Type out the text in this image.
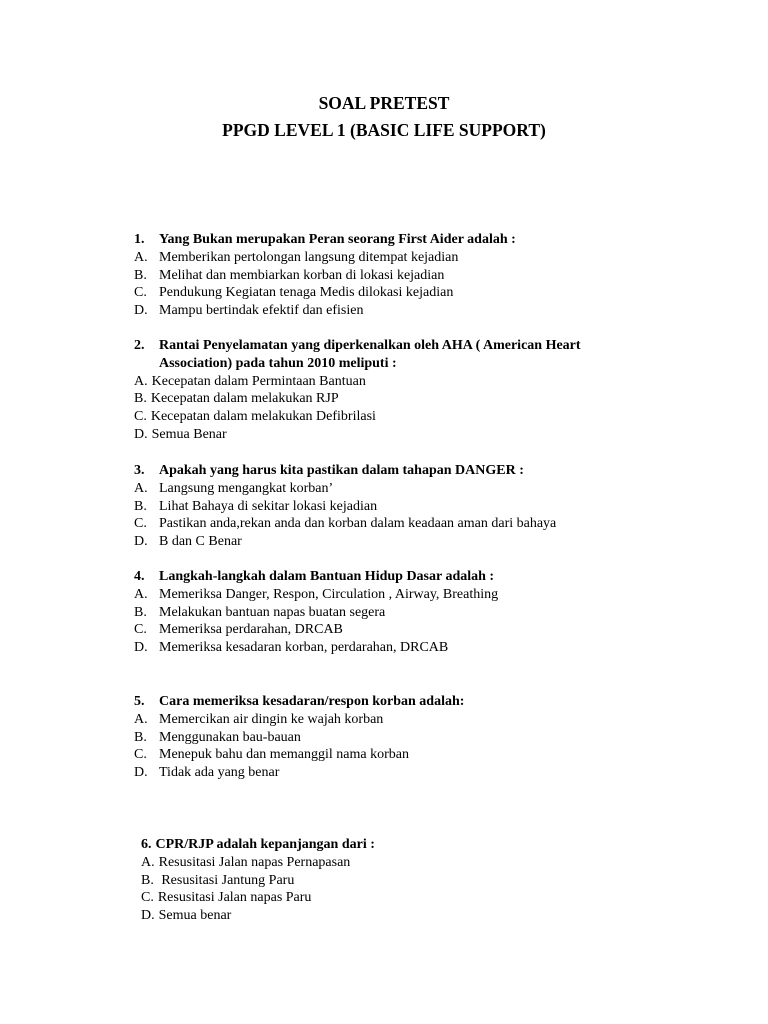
SOAL PRETEST
PPGD LEVEL 1 (BASIC LIFE SUPPORT)
1.	Yang Bukan merupakan Peran seorang First Aider adalah :
A. Memberikan pertolongan langsung ditempat kejadian
B. Melihat dan membiarkan korban di lokasi kejadian
C. Pendukung Kegiatan tenaga Medis dilokasi kejadian
D. Mampu bertindak efektif dan efisien
2.	Rantai Penyelamatan yang diperkenalkan oleh AHA ( American Heart
Association) pada tahun 2010 meliputi :
A. Kecepatan dalam Permintaan Bantuan
B. Kecepatan dalam melakukan RJP
C. Kecepatan dalam melakukan Defibrilasi
D. Semua Benar
3.	Apakah yang harus kita pastikan dalam tahapan DANGER :
A. Langsung mengangkat korban’
B. Lihat Bahaya di sekitar lokasi kejadian
C. Pastikan anda,rekan anda dan korban dalam keadaan aman dari bahaya
D. B dan C Benar
4.	Langkah-langkah dalam Bantuan Hidup Dasar adalah :
A. Memeriksa Danger, Respon, Circulation , Airway, Breathing
B. Melakukan bantuan napas buatan segera
C. Memeriksa perdarahan, DRCAB
D. Memeriksa kesadaran korban, perdarahan, DRCAB
5.	Cara memeriksa kesadaran/respon korban adalah:
A. Memercikan air dingin ke wajah korban
B. Menggunakan bau-bauan
C. Menepuk bahu dan memanggil nama korban
D. Tidak ada yang benar
6. CPR/RJP adalah kepanjangan dari :
A. Resusitasi Jalan napas Pernapasan
B. Resusitasi Jantung Paru
C. Resusitasi Jalan napas Paru
D. Semua benar
